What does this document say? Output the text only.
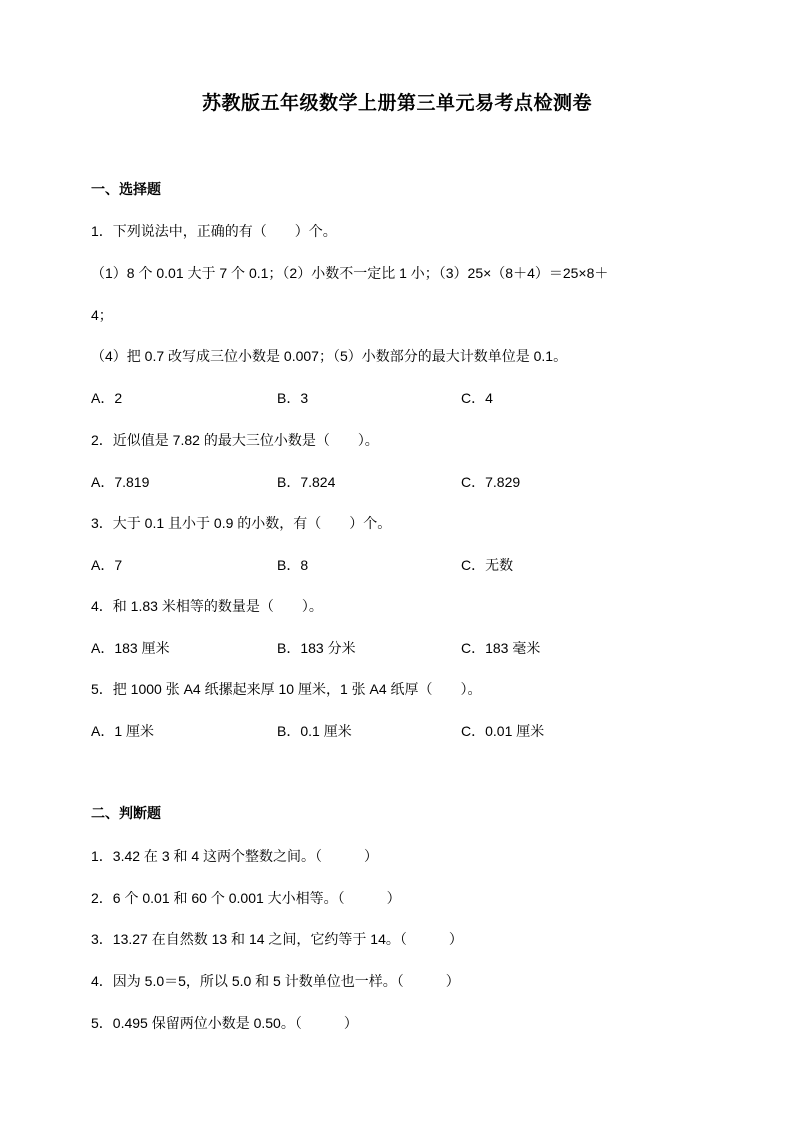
苏教版五年级数学上册第三单元易考点检测卷
一、选择题
1．下列说法中，正确的有（　　）个。
（1）8 个 0.01 大于 7 个 0.1；（2）小数不一定比 1 小；（3）25×（8＋4）＝25×8＋
4；
（4）把 0.7 改写成三位小数是 0.007；（5）小数部分的最大计数单位是 0.1。
A．2	B．3	C．4
2．近似值是 7.82 的最大三位小数是（　　）。
A．7.819	B．7.824	C．7.829
3．大于 0.1 且小于 0.9 的小数，有（　　）个。
A．7	B．8	C．无数
4．和 1.83 米相等的数量是（　　）。
A．183 厘米	B．183 分米	C．183 毫米
5．把 1000 张 A4 纸摞起来厚 10 厘米，1 张 A4 纸厚（　　）。
A．1 厘米	B．0.1 厘米	C．0.01 厘米
二、判断题
1．3.42 在 3 和 4 这两个整数之间。（　　　）
2．6 个 0.01 和 60 个 0.001 大小相等。（　　　）
3．13.27 在自然数 13 和 14 之间，它约等于 14。（　　　）
4．因为 5.0＝5，所以 5.0 和 5 计数单位也一样。（　　　）
5．0.495 保留两位小数是 0.50。（　　　）
